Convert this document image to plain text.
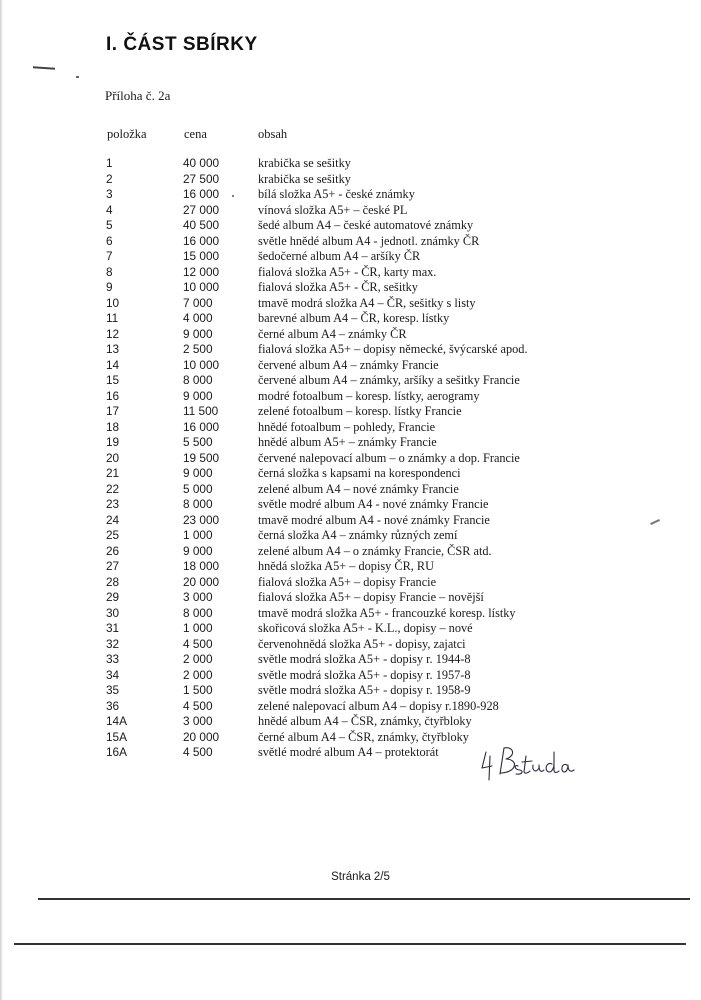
I. ČÁST SBÍRKY
Příloha č. 2a
položka	cena	obsah
1	40 000	krabička se sešitky
2	27 500	krabička se sešitky
3	16 000	bílá složka A5+ - české známky
4	27 000	vínová složka A5+ – české PL
5	40 500	šedé album A4 – české automatové známky
6	16 000	světle hnědé album A4 - jednotl. známky ČR
7	15 000	šedočerné album A4 – aršíky ČR
8	12 000	fialová složka A5+ - ČR, karty max.
9	10 000	fialová složka A5+ - ČR, sešitky
10	7 000	tmavě modrá složka A4 – ČR, sešitky s listy
11	4 000	barevné album A4 – ČR, koresp. lístky
12	9 000	černé album A4 – známky ČR
13	2 500	fialová složka A5+ – dopisy německé, švýcarské apod.
14	10 000	červené album A4 – známky Francie
15	8 000	červené album A4 – známky, aršíky a sešitky Francie
16	9 000	modré fotoalbum – koresp. lístky, aerogramy
17	11 500	zelené fotoalbum – koresp. lístky Francie
18	16 000	hnědé fotoalbum – pohledy, Francie
19	5 500	hnědé album A5+ – známky Francie
20	19 500	červené nalepovací album – o známky a dop. Francie
21	9 000	černá složka s kapsami na korespondenci
22	5 000	zelené album A4 – nové známky Francie
23	8 000	světle modré album A4 - nové známky Francie
24	23 000	tmavě modré album A4 - nové známky Francie
25	1 000	černá složka A4 – známky různých zemí
26	9 000	zelené album A4 – o známky Francie, ČSR atd.
27	18 000	hnědá složka A5+ – dopisy ČR, RU
28	20 000	fialová složka A5+ – dopisy Francie
29	3 000	fialová složka A5+ – dopisy Francie – novější
30	8 000	tmavě modrá složka A5+ - francouzké koresp. lístky
31	1 000	skořicová složka A5+ - K.L., dopisy – nové
32	4 500	červenohnědá složka A5+ - dopisy, zajatci
33	2 000	světle modrá složka A5+ - dopisy r. 1944-8
34	2 000	světle modrá složka A5+ - dopisy r. 1957-8
35	1 500	světle modrá složka A5+ - dopisy r. 1958-9
36	4 500	zelené nalepovací album A4 – dopisy r.1890-928
14A	3 000	hnědé album A4 – ČSR, známky, čtyřbloky
15A	20 000	černé album A4 – ČSR, známky, čtyřbloky
16A	4 500	světlé modré album A4 – protektorát
Stránka 2/5
